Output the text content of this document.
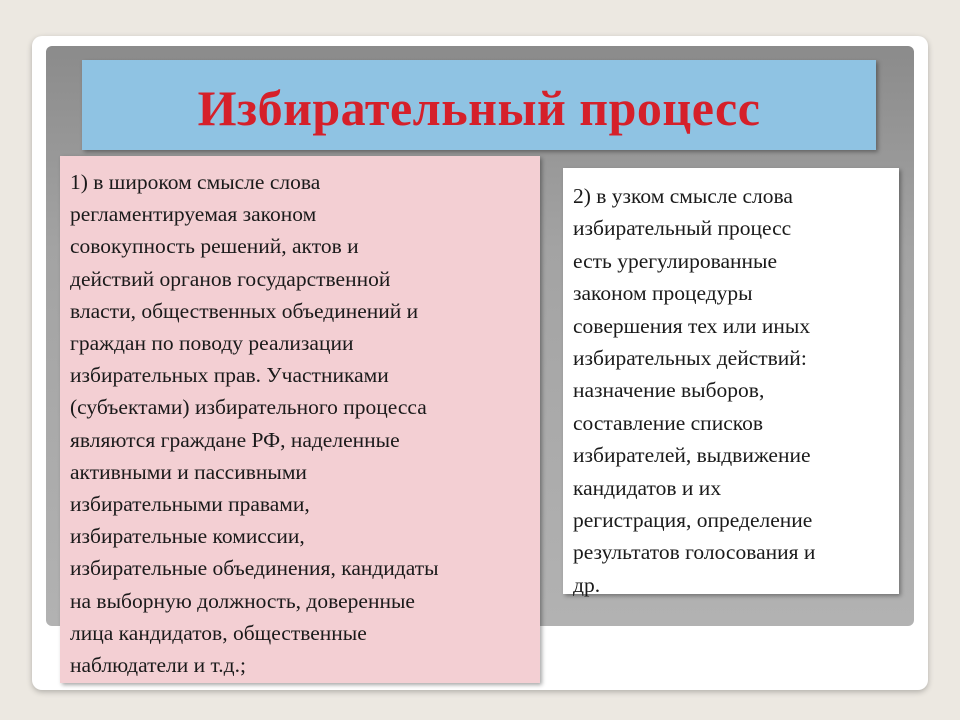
Избирательный процесс

1) в широком смысле слова
регламентируемая законом
совокупность решений, актов и
действий органов государственной
власти, общественных объединений и
граждан по поводу реализации
избирательных прав. Участниками
(субъектами) избирательного процесса
являются граждане РФ, наделенные
активными и пассивными
избирательными правами,
избирательные комиссии,
избирательные объединения, кандидаты
на выборную должность, доверенные
лица кандидатов, общественные
наблюдатели и т.д.;

2) в узком смысле слова
избирательный процесс
есть урегулированные
законом процедуры
совершения тех или иных
избирательных действий:
назначение выборов,
составление списков
избирателей, выдвижение
кандидатов и их
регистрация, определение
результатов голосования и
др.
